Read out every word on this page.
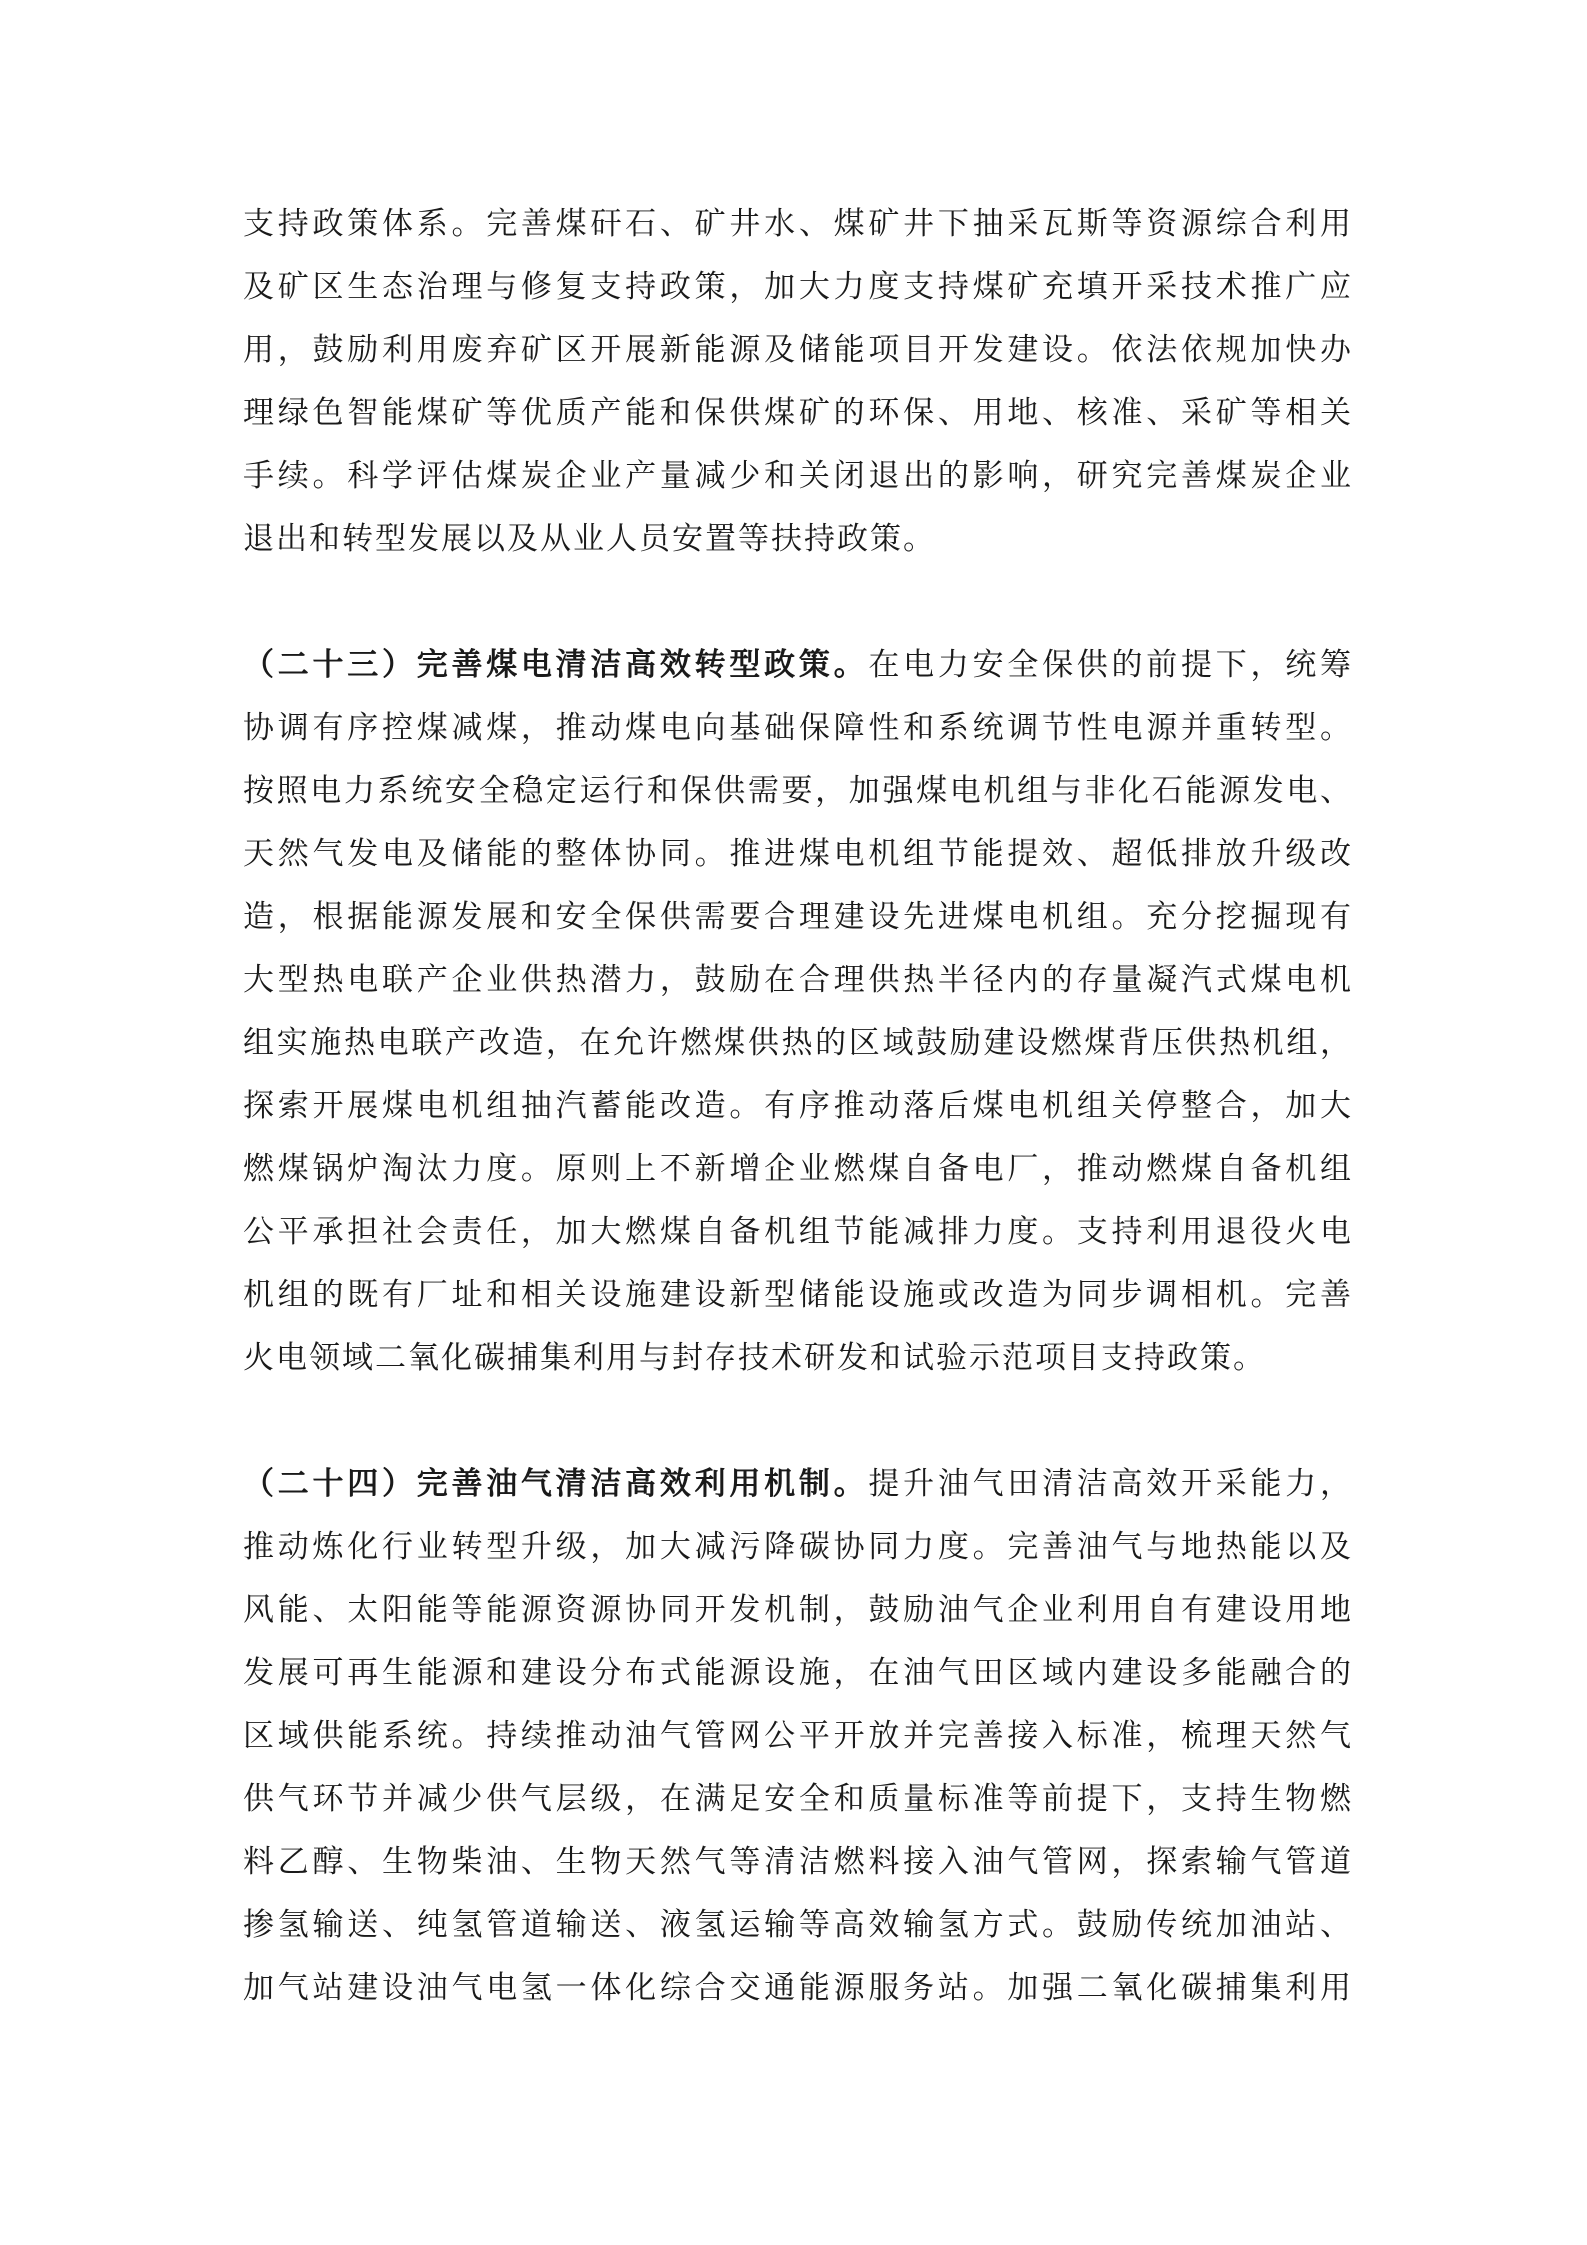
支持政策体系。完善煤矸石、矿井水、煤矿井下抽采瓦斯等资源综合利用
及矿区生态治理与修复支持政策，加大力度支持煤矿充填开采技术推广应
用，鼓励利用废弃矿区开展新能源及储能项目开发建设。依法依规加快办
理绿色智能煤矿等优质产能和保供煤矿的环保、用地、核准、采矿等相关
手续。科学评估煤炭企业产量减少和关闭退出的影响，研究完善煤炭企业
退出和转型发展以及从业人员安置等扶持政策。
（二十三）完善煤电清洁高效转型政策。在电力安全保供的前提下，统筹
协调有序控煤减煤，推动煤电向基础保障性和系统调节性电源并重转型。
按照电力系统安全稳定运行和保供需要，加强煤电机组与非化石能源发电、
天然气发电及储能的整体协同。推进煤电机组节能提效、超低排放升级改
造，根据能源发展和安全保供需要合理建设先进煤电机组。充分挖掘现有
大型热电联产企业供热潜力，鼓励在合理供热半径内的存量凝汽式煤电机
组实施热电联产改造，在允许燃煤供热的区域鼓励建设燃煤背压供热机组，
探索开展煤电机组抽汽蓄能改造。有序推动落后煤电机组关停整合，加大
燃煤锅炉淘汰力度。原则上不新增企业燃煤自备电厂，推动燃煤自备机组
公平承担社会责任，加大燃煤自备机组节能减排力度。支持利用退役火电
机组的既有厂址和相关设施建设新型储能设施或改造为同步调相机。完善
火电领域二氧化碳捕集利用与封存技术研发和试验示范项目支持政策。
（二十四）完善油气清洁高效利用机制。提升油气田清洁高效开采能力，
推动炼化行业转型升级，加大减污降碳协同力度。完善油气与地热能以及
风能、太阳能等能源资源协同开发机制，鼓励油气企业利用自有建设用地
发展可再生能源和建设分布式能源设施，在油气田区域内建设多能融合的
区域供能系统。持续推动油气管网公平开放并完善接入标准，梳理天然气
供气环节并减少供气层级，在满足安全和质量标准等前提下，支持生物燃
料乙醇、生物柴油、生物天然气等清洁燃料接入油气管网，探索输气管道
掺氢输送、纯氢管道输送、液氢运输等高效输氢方式。鼓励传统加油站、
加气站建设油气电氢一体化综合交通能源服务站。加强二氧化碳捕集利用
